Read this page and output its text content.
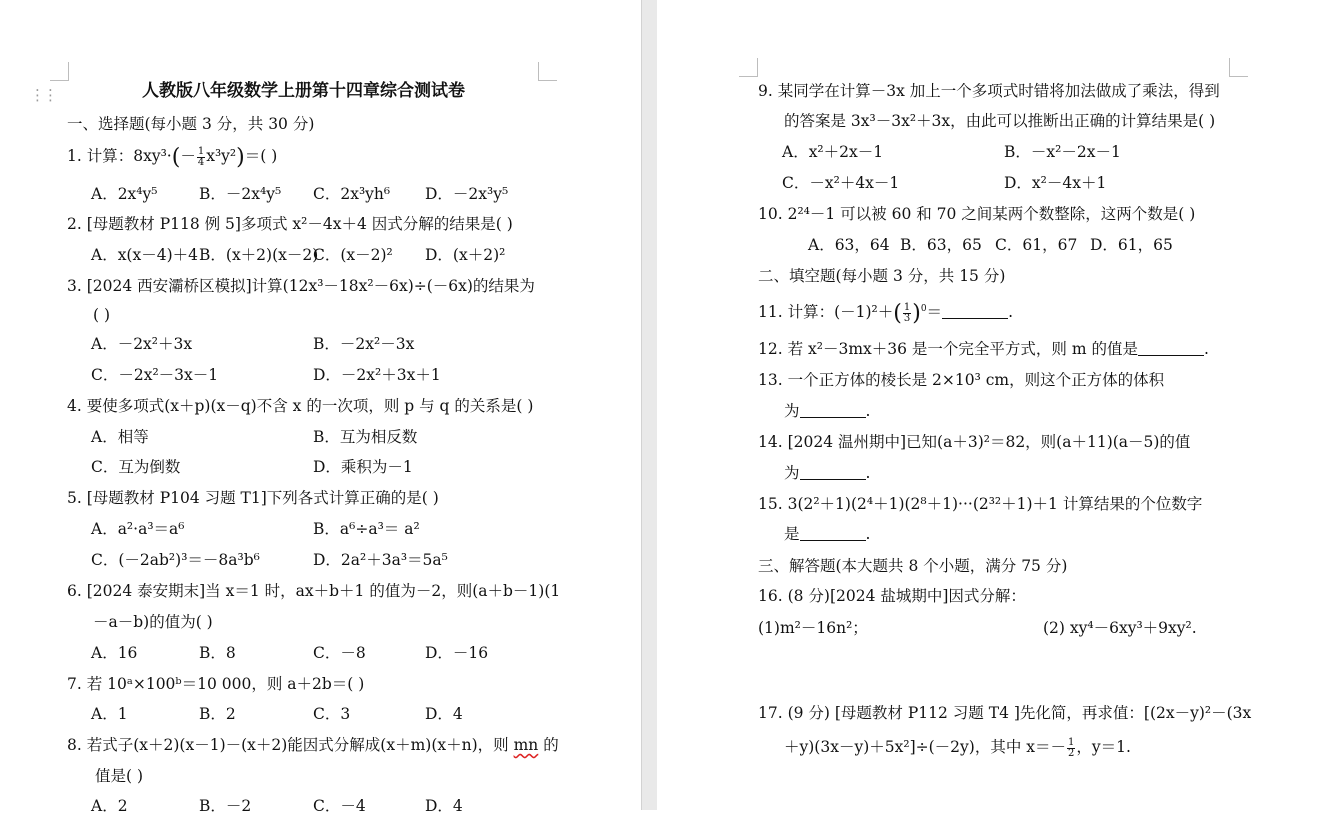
⋮⋮	人教版八年级数学上册第十四章综合测试卷
一、选择题(每小题 3 分，共 30 分)
1. 计算：$8xy^3\cdot(- \frac{1}{4} x^3y^2)=$( )
A．2x⁴y⁵	B．－2x⁴y⁵ C．2x³yh⁶ D．－2x³y⁵
2. [母题教材 P118 例 5]多项式 x²－4x＋4 因式分解的结果是( )
A．x(x－4)＋4 B．(x＋2)(x－2)
C．(x－2)² D．(x＋2)²
3. [2024 西安灞桥区模拟]计算(12x³－18x²－6x)÷(－6x)的结果为
( )
A．－2x²＋3x	B．－2x²－3x
C．－2x²－3x－1	D．－2x²＋3x＋1
4. 要使多项式(x＋p)(x－q)不含 x 的一次项，则 p 与 q 的关系是( )
A．相等	B．互为相反数
C．互为倒数	D．乘积为－1
5. [母题教材 P104 习题 T1]下列各式计算正确的是( )
A．a²·a³＝a⁶	B．a⁶÷a³＝ a²
C．(－2ab²)³＝－8a³b⁶	D．2a²＋3a³＝5a⁵
6. [2024 泰安期末]当 x＝1 时，ax＋b＋1 的值为－2，则(a＋b－1)(1
－a－b)的值为( )
A．16	B．8	C．－8	D．－16
7. 若 10ᵃ×100ᵇ＝10 000，则 a＋2b＝( )
A．1	B．2	C．3	D．4
8. 若式子(x＋2)(x－1)－(x＋2)能因式分解成(x＋m)(x＋n)，则 mn 的
值是( )
A．2	B．－2	C．－4	D．4
9. 某同学在计算－3x 加上一个多项式时错将加法做成了乘法，得到
的答案是 3x³－3x²＋3x，由此可以推断出正确的计算结果是( )
A．x²＋2x－1	B．－x²－2x－1
C．－x²＋4x－1	D．x²－4x＋1
10. 2²⁴－1 可以被 60 和 70 之间某两个数整除，这两个数是( )
A．63，64 B．63，65 C．61，67 D．61，65
二、填空题(每小题 3 分，共 15 分)
11. 计算：$(-1)^2+( \frac{1}{3} )^0=$	.
12. 若 x²－3mx＋36 是一个完全平方式，则 m 的值是	.
13. 一个正方体的棱长是 2×10³ cm，则这个正方体的体积
为	.
14. [2024 温州期中]已知(a＋3)²＝82，则(a＋11)(a－5)的值
为	.
15. 3(2²＋1)(2⁴＋1)(2⁸＋1)···(2³²＋1)＋1 计算结果的个位数字
是	.
三、解答题(本大题共 8 个小题，满分 75 分)
16. (8 分)[2024 盐城期中]因式分解：
(1)m²－16n²；	(2) xy⁴－6xy³＋9xy².
17. (9 分) [母题教材 P112 习题 T4 ]先化简，再求值：[(2x－y)²－(3x
＋y)(3x－y)＋5x²]÷(－2y)，其中 $x=- \frac{1}{2}$ ，y＝1.
